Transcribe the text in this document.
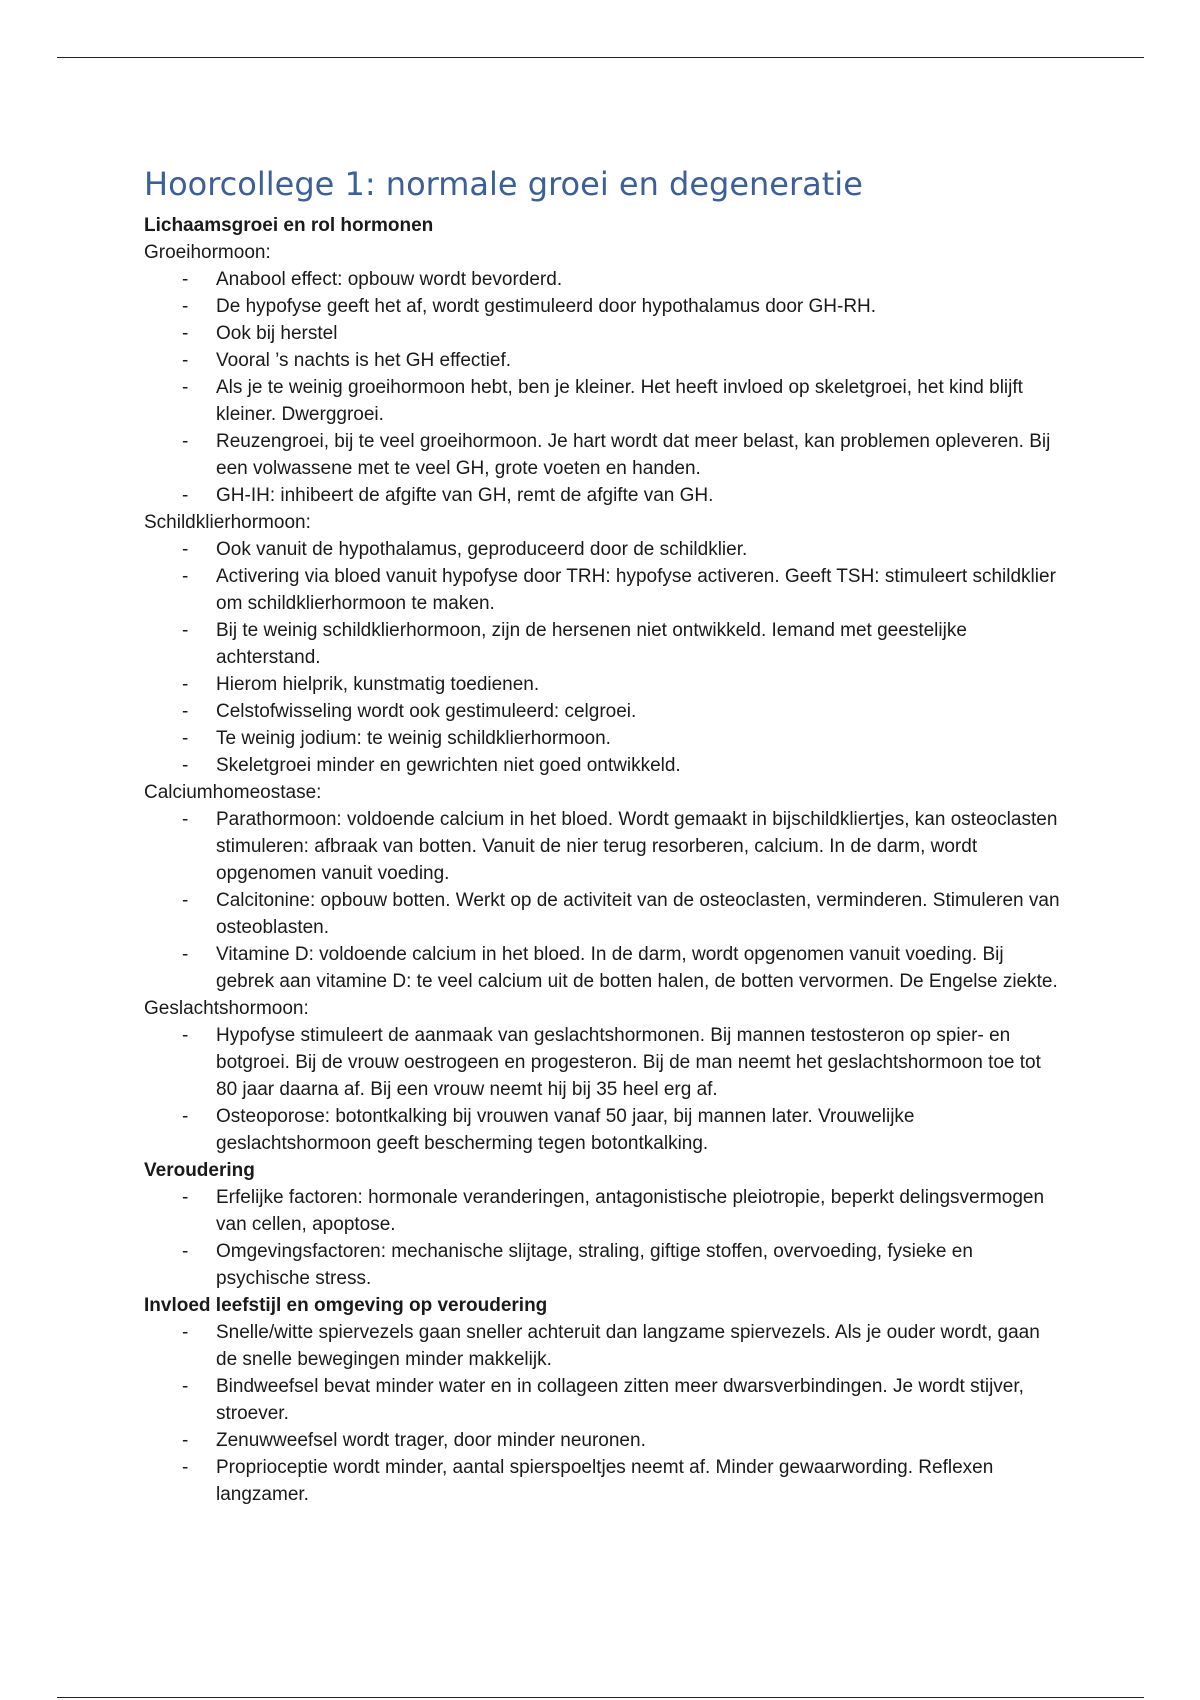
Hoorcollege 1: normale groei en degeneratie
Lichaamsgroei en rol hormonen
Groeihormoon:
- Anabool effect: opbouw wordt bevorderd.
- De hypofyse geeft het af, wordt gestimuleerd door hypothalamus door GH-RH.
- Ook bij herstel
- Vooral ’s nachts is het GH effectief.
- Als je te weinig groeihormoon hebt, ben je kleiner. Het heeft invloed op skeletgroei, het kind blijft kleiner. Dwerggroei.
- Reuzengroei, bij te veel groeihormoon. Je hart wordt dat meer belast, kan problemen opleveren. Bij een volwassene met te veel GH, grote voeten en handen.
- GH-IH: inhibeert de afgifte van GH, remt de afgifte van GH.
Schildklierhormoon:
- Ook vanuit de hypothalamus, geproduceerd door de schildklier.
- Activering via bloed vanuit hypofyse door TRH: hypofyse activeren. Geeft TSH: stimuleert schildklier om schildklierhormoon te maken.
- Bij te weinig schildklierhormoon, zijn de hersenen niet ontwikkeld. Iemand met geestelijke achterstand.
- Hierom hielprik, kunstmatig toedienen.
- Celstofwisseling wordt ook gestimuleerd: celgroei.
- Te weinig jodium: te weinig schildklierhormoon.
- Skeletgroei minder en gewrichten niet goed ontwikkeld.
Calciumhomeostase:
- Parathormoon: voldoende calcium in het bloed. Wordt gemaakt in bijschildkliertjes, kan osteoclasten stimuleren: afbraak van botten. Vanuit de nier terug resorberen, calcium. In de darm, wordt opgenomen vanuit voeding.
- Calcitonine: opbouw botten. Werkt op de activiteit van de osteoclasten, verminderen. Stimuleren van osteoblasten.
- Vitamine D: voldoende calcium in het bloed. In de darm, wordt opgenomen vanuit voeding. Bij gebrek aan vitamine D: te veel calcium uit de botten halen, de botten vervormen. De Engelse ziekte.
Geslachtshormoon:
- Hypofyse stimuleert de aanmaak van geslachtshormonen. Bij mannen testosteron op spier- en botgroei. Bij de vrouw oestrogeen en progesteron. Bij de man neemt het geslachtshormoon toe tot 80 jaar daarna af. Bij een vrouw neemt hij bij 35 heel erg af.
- Osteoporose: botontkalking bij vrouwen vanaf 50 jaar, bij mannen later. Vrouwelijke geslachtshormoon geeft bescherming tegen botontkalking.
Veroudering
- Erfelijke factoren: hormonale veranderingen, antagonistische pleiotropie, beperkt delingsvermogen van cellen, apoptose.
- Omgevingsfactoren: mechanische slijtage, straling, giftige stoffen, overvoeding, fysieke en psychische stress.
Invloed leefstijl en omgeving op veroudering
- Snelle/witte spiervezels gaan sneller achteruit dan langzame spiervezels. Als je ouder wordt, gaan de snelle bewegingen minder makkelijk.
- Bindweefsel bevat minder water en in collageen zitten meer dwarsverbindingen. Je wordt stijver, stroever.
- Zenuwweefsel wordt trager, door minder neuronen.
- Proprioceptie wordt minder, aantal spierspoeltjes neemt af. Minder gewaarwording. Reflexen langzamer.
